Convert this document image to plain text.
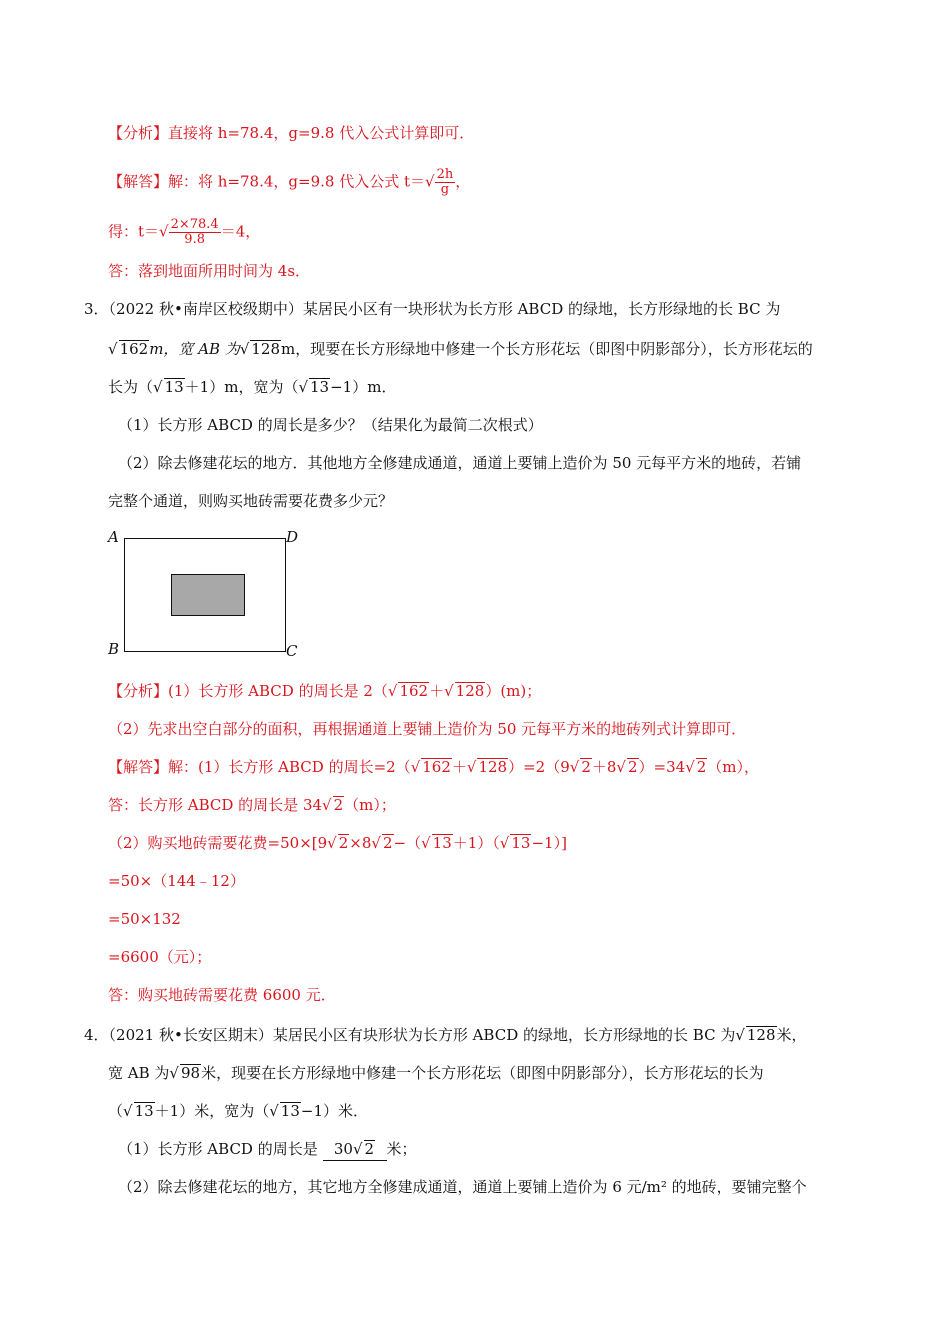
【分析】直接将 h=78.4，g=9.8 代入公式计算即可．
【解答】解：将 h=78.4，g=9.8 代入公式 $t=√ \frac{2h}{g}$ ，
得：$t=√ \frac{2\times 78.4}{9.8} =4$，
答：落到地面所用时间为 4s．
3．（2022 秋•南岸区校级期中）某居民小区有一块形状为长方形 ABCD 的绿地，长方形绿地的长 BC 为
√ 162m，宽 AB 为√ 128m，现要在长方形绿地中修建一个长方形花坛（即图中阴影部分），长方形花坛的
长为（√ 13＋1）m，宽为（√ 13−1）m．
（1）长方形 ABCD 的周长是多少？（结果化为最简二次根式）
（2）除去修建花坛的地方．其他地方全修建成通道，通道上要铺上造价为 50 元每平方米的地砖，若铺
完整个通道，则购买地砖需要花费多少元？
A	D
B	C
【分析】(1）长方形 ABCD 的周长是 2（√ 162＋√ 128）(m)；
（2）先求出空白部分的面积，再根据通道上要铺上造价为 50 元每平方米的地砖列式计算即可．
【解答】解：(1）长方形 ABCD 的周长=2（√ 162＋√ 128）=2（9√ 2＋8√ 2）=34√ 2（m），
答：长方形 ABCD 的周长是 34√ 2（m）；
（2）购买地砖需要花费=50×[9√ 2×8√ 2−（√ 13＋1）（√ 13−1）]
=50×（144﹣12）
=50×132
=6600（元）；
答：购买地砖需要花费 6600 元．
4．（2021 秋•长安区期末）某居民小区有块形状为长方形 ABCD 的绿地，长方形绿地的长 BC 为√ 128米，
宽 AB 为√ 98米，现要在长方形绿地中修建一个长方形花坛（即图中阴影部分），长方形花坛的长为
（√ 13＋1）米，宽为（√ 13−1）米．
（1）长方形 ABCD 的周长是 30√ 2 米；
（2）除去修建花坛的地方，其它地方全修建成通道，通道上要铺上造价为 6 元/m² 的地砖，要铺完整个
